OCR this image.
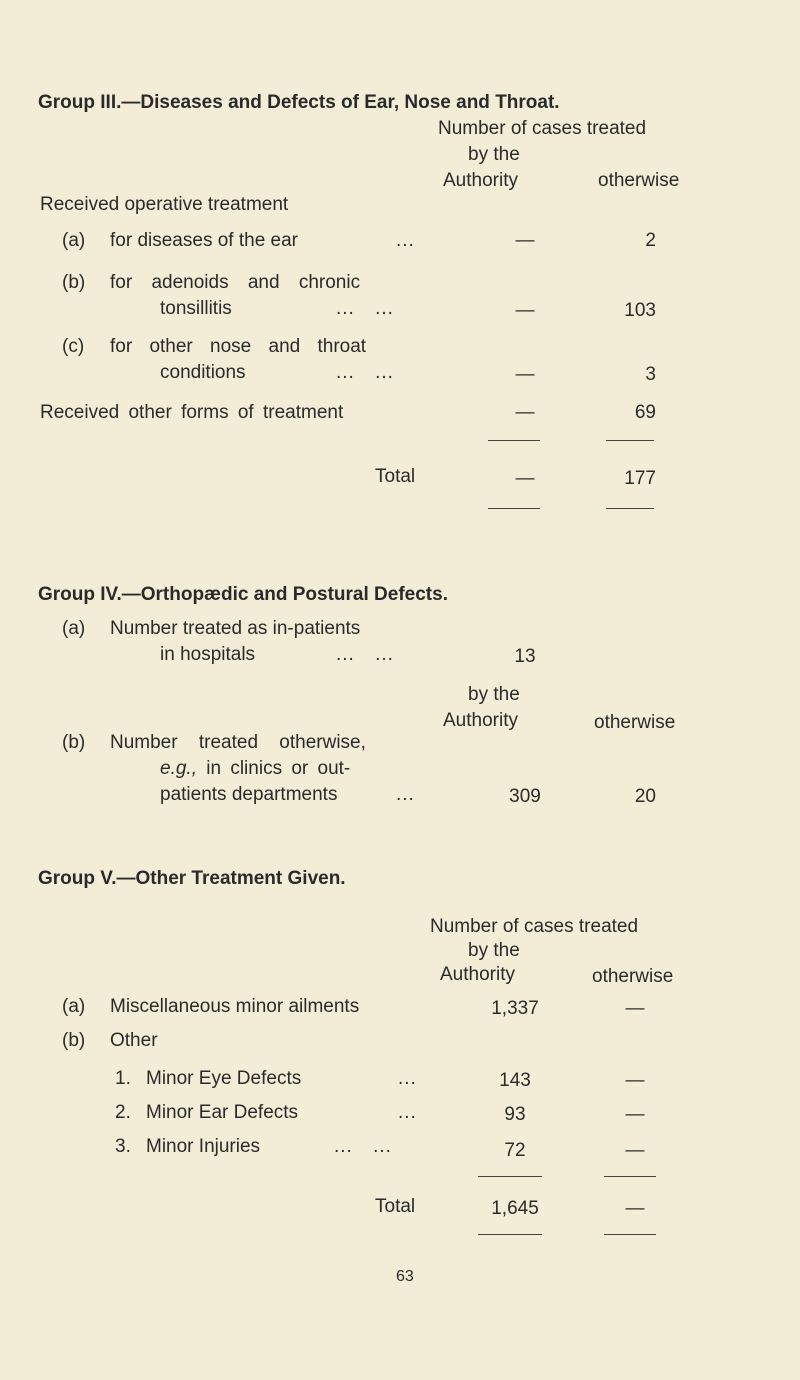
Group III.—Diseases and Defects of Ear, Nose and Throat.
Number of cases treated
by the
Authority	otherwise
Received operative treatment
(a) for diseases of the ear	...	—	2
(b) for adenoids and chronic
tonsillitis	... ...	—	103
(c) for other nose and throat
conditions	... ...	—	3
Received other forms of treatment	—	69
Total	—	177
Group IV.—Orthopædic and Postural Defects.
(a) Number treated as in-patients
in hospitals	... ...	13
by the
Authority	otherwise
(b) Number treated otherwise,
e.g., in clinics or out-
patients departments	...	309	20
Group V.—Other Treatment Given.
Number of cases treated
by the
Authority	otherwise
(a) Miscellaneous minor ailments	1,337	—
(b) Other
1. Minor Eye Defects	...	143	—
2. Minor Ear Defects	...	93	—
3. Minor Injuries	... ...	72	—
Total	1,645	—
63
